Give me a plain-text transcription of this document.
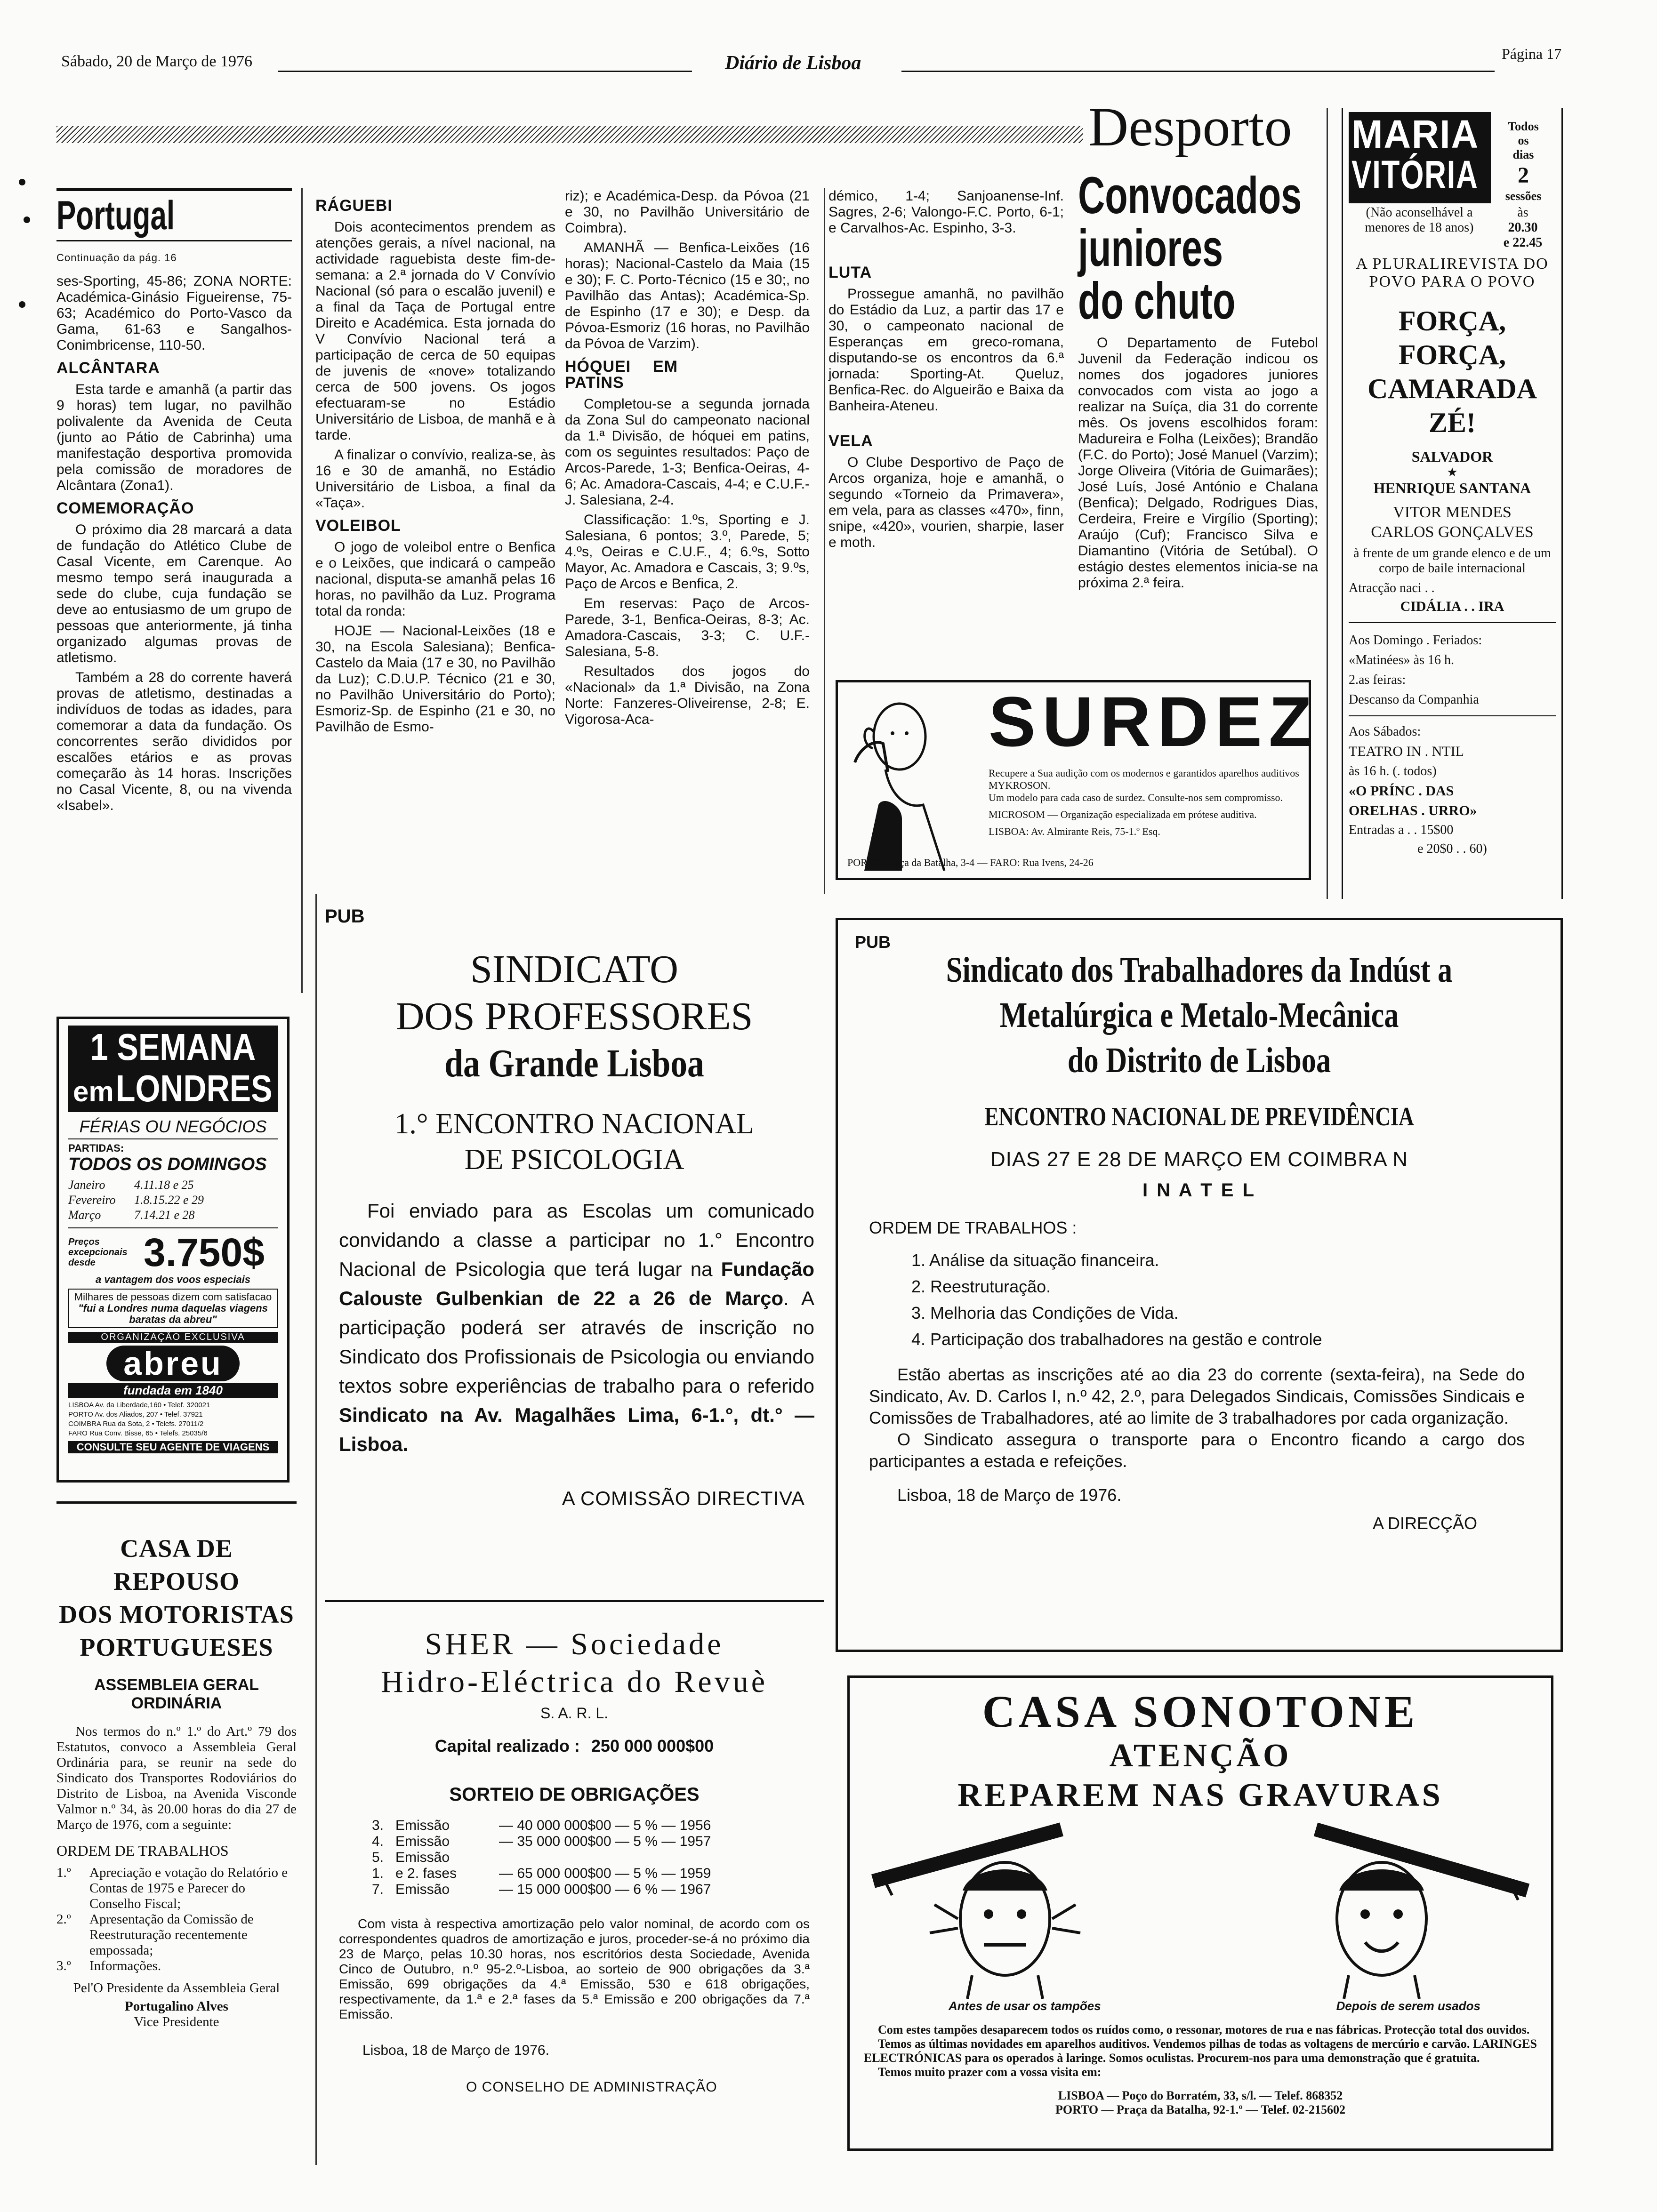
Sábado, 20 de Março de 1976	Diário de Lisboa	Página 17
Desporto
Portugal
Continuação da pág. 16

ses-Sporting, 45-86; ZONA NORTE: Académica-Ginásio Figueirense, 75-63; Académico do Porto-Vasco da Gama, 61-63 e Sangalhos-Conimbricense, 110-50.

ALCÂNTARA

Esta tarde e amanhã (a partir das 9 horas) tem lugar, no pavilhão polivalente da Avenida de Ceuta (junto ao Pátio de Cabrinha) uma manifestação desportiva promovida pela comissão de moradores de Alcântara (Zona1).

COMEMORAÇÃO

O próximo dia 28 marcará a data de fundação do Atlético Clube de Casal Vicente, em Carenque. Ao mesmo tempo será inaugurada a sede do clube, cuja fundação se deve ao entusiasmo de um grupo de pessoas que anteriormente, já tinha organizado algumas provas de atletismo.

Também a 28 do corrente haverá provas de atletismo, destinadas a indivíduos de todas as idades, para comemorar a data da fundação. Os concorrentes serão divididos por escalões etários e as provas começarão às 14 horas. Inscrições no Casal Vicente, 8, ou na vivenda «Isabel».

RÁGUEBI

Dois acontecimentos prendem as atenções gerais, a nível nacional, na actividade raguebista deste fim-de-semana: a 2.ª jornada do V Convívio Nacional (só para o escalão juvenil) e a final da Taça de Portugal entre Direito e Académica. Esta jornada do V Convívio Nacional terá a participação de cerca de 50 equipas de juvenis de «nove» totalizando cerca de 500 jovens. Os jogos efectuaram-se no Estádio Universitário de Lisboa, de manhã e à tarde.

A finalizar o convívio, realiza-se, às 16 e 30 de amanhã, no Estádio Universitário de Lisboa, a final da «Taça».

VOLEIBOL

O jogo de voleibol entre o Benfica e o Leixões, que indicará o campeão nacional, disputa-se amanhã pelas 16 horas, no pavilhão da Luz. Programa total da ronda:

HOJE — Nacional-Leixões (18 e 30, na Escola Salesiana); Benfica-Castelo da Maia (17 e 30, no Pavilhão da Luz); C.D.U.P. Técnico (21 e 30, no Pavilhão Universitário do Porto); Esmoriz-Sp. de Espinho (21 e 30, no Pavilhão de Esmo-

riz); e Académica-Desp. da Póvoa (21 e 30, no Pavilhão Universitário de Coimbra).

AMANHÃ — Benfica-Leixões (16 horas); Nacional-Castelo da Maia (15 e 30); F. C. Porto-Técnico (15 e 30;, no Pavilhão das Antas); Académica-Sp. de Espinho (17 e 30); e Desp. da Póvoa-Esmoriz (16 horas, no Pavilhão da Póvoa de Varzim).

HÓQUEI EM PATINS

Completou-se a segunda jornada da Zona Sul do campeonato nacional da 1.ª Divisão, de hóquei em patins, com os seguintes resultados: Paço de Arcos-Parede, 1-3; Benfica-Oeiras, 4-6; Ac. Amadora-Cascais, 4-4; e C.U.F.-J. Salesiana, 2-4.

Classificação: 1.ºs, Sporting e J. Salesiana, 6 pontos; 3.º, Parede, 5; 4.ºs, Oeiras e C.U.F., 4; 6.ºs, Sotto Mayor, Ac. Amadora e Cascais, 3; 9.ºs, Paço de Arcos e Benfica, 2.

Em reservas: Paço de Arcos-Parede, 3-1, Benfica-Oeiras, 8-3; Ac. Amadora-Cascais, 3-3; C. U.F.-Salesiana, 5-8.

Resultados dos jogos do «Nacional» da 1.ª Divisão, na Zona Norte: Fanzeres-Oliveirense, 2-8; E. Vigorosa-Aca-

démico, 1-4; Sanjoanense-Inf. Sagres, 2-6; Valongo-F.C. Porto, 6-1; e Carvalhos-Ac. Espinho, 3-3.

LUTA

Prossegue amanhã, no pavilhão do Estádio da Luz, a partir das 17 e 30, o campeonato nacional de Esperanças em greco-romana, disputando-se os encontros da 6.ª jornada: Sporting-At. Queluz, Benfica-Rec. do Algueirão e Baixa da Banheira-Ateneu.

VELA

O Clube Desportivo de Paço de Arcos organiza, hoje e amanhã, o segundo «Torneio da Primavera», em vela, para as classes «470», finn, snipe, «420», vourien, sharpie, laser e moth.

Convocados
juniores
do chuto

O Departamento de Futebol Juvenil da Federação indicou os nomes dos jogadores juniores convocados com vista ao jogo a realizar na Suíça, dia 31 do corrente mês. Os jovens escolhidos foram: Madureira e Folha (Leixões); Brandão (F.C. do Porto); José Manuel (Varzim); Jorge Oliveira (Vitória de Guimarães); José Luís, José António e Chalana (Benfica); Delgado, Rodrigues Dias, Cerdeira, Freire e Virgílio (Sporting); Araújo (Cuf); Francisco Silva e Diamantino (Vitória de Setúbal). O estágio destes elementos inicia-se na próxima 2.ª feira.

MARIA
VITÓRIA
Todos
os
dias
2
sessões
(Não aconselhável a menores de 18 anos)
às
20.30
e 22.45
A PLURALIREVISTA DO POVO PARA O POVO
FORÇA, FORÇA,
CAMARADA ZÉ!
SALVADOR
★
HENRIQUE SANTANA
VITOR MENDES
CARLOS GONÇALVES
à frente de um grande elenco e de um corpo de baile internacional
Atracção naci . .
CIDÁLIA . . IRA
Aos Domingo . Feriados:
«Matinées» às 16 h.
2.as feiras:
Descanso da Companhia
Aos Sábados:
TEATRO IN . NTIL
às 16 h. (. todos)
«O PRÍNC . DAS
ORELHAS . URRO»
Entradas a . . 15$00
e 20$0 . . 60)
SURDEZ
Recupere a Sua audição com os modernos e garantidos aparelhos auditivos MYKROSON.
Um modelo para cada caso de surdez. Consulte-nos sem compromisso.
MICROSOM — Organização especializada em prótese auditiva.
LISBOA: Av. Almirante Reis, 75-1.º Esq.
PORTO: Praça da Batalha, 3-4 — FARO: Rua Ivens, 24-26
1 SEMANA
em LONDRES
FÉRIAS OU NEGÓCIOS
PARTIDAS:
TODOS OS DOMINGOS
Janeiro	4.11.18 e 25
Fevereiro	1.8.15.22 e 29
Março	7.14.21 e 28
Preços excepcionais desde	3.750$
a vantagem dos voos especiais
Milhares de pessoas dizem com satisfacao
"fui a Londres numa daquelas viagens baratas da abreu"
ORGANIZAÇÃO EXCLUSIVA
abreu
fundada em 1840
LISBOA Av. da Liberdade,160 • Telef. 320021
PORTO Av. dos Aliados, 207 • Telef. 37921
COIMBRA Rua da Sota, 2 • Telefs. 27011/2
FARO Rua Conv. Bisse, 65 • Telefs. 25035/6
CONSULTE SEU AGENTE DE VIAGENS
CASA DE REPOUSO
DOS MOTORISTAS
PORTUGUESES
ASSEMBLEIA GERAL
ORDINÁRIA
Nos termos do n.º 1.º do Art.º 79 dos Estatutos, convoco a Assembleia Geral Ordinária para, se reunir na sede do Sindicato dos Transportes Rodoviários do Distrito de Lisboa, na Avenida Visconde Valmor n.º 34, às 20.00 horas do dia 27 de Março de 1976, com a seguinte:
ORDEM DE TRABALHOS
1.º	Apreciação e votação do Relatório e Contas de 1975 e Parecer do Conselho Fiscal;
2.º	Apresentação da Comissão de Reestruturação recentemente empossada;
3.º	Informações.
Pel'O Presidente da Assembleia Geral
Portugalino Alves
Vice Presidente
PUB
SINDICATO
DOS PROFESSORES
da Grande Lisboa
1.° ENCONTRO NACIONAL
DE PSICOLOGIA
Foi enviado para as Escolas um comunicado convidando a classe a participar no 1.° Encontro Nacional de Psicologia que terá lugar na Fundação Calouste Gulbenkian de 22 a 26 de Março. A participação poderá ser através de inscrição no Sindicato dos Profissionais de Psicologia ou enviando textos sobre experiências de trabalho para o referido Sindicato na Av. Magalhães Lima, 6-1.°, dt.° — Lisboa.
A COMISSÃO DIRECTIVA
SHER — Sociedade
Hidro-Eléctrica do Revuè
S. A. R. L.
Capital realizado : 250 000 000$00
SORTEIO DE OBRIGAÇÕES
3. Emissão	— 40 000 000$00 — 5 % — 1956
4. Emissão	— 35 000 000$00 — 5 % — 1957
5. Emissão
1. e 2. fases	— 65 000 000$00 — 5 % — 1959
7. Emissão	— 15 000 000$00 — 6 % — 1967
Com vista à respectiva amortização pelo valor nominal, de acordo com os correspondentes quadros de amortização e juros, proceder-se-á no próximo dia 23 de Março, pelas 10.30 horas, nos escritórios desta Sociedade, Avenida Cinco de Outubro, n.º 95-2.º-Lisboa, ao sorteio de 900 obrigações da 3.ª Emissão, 699 obrigações da 4.ª Emissão, 530 e 618 obrigações, respectivamente, da 1.ª e 2.ª fases da 5.ª Emissão e 200 obrigações da 7.ª Emissão.
Lisboa, 18 de Março de 1976.
O CONSELHO DE ADMINISTRAÇÃO
PUB
Sindicato dos Trabalhadores da Indúst a
Metalúrgica e Metalo-Mecânica
do Distrito de Lisboa
ENCONTRO NACIONAL DE PREVIDÊNCIA
DIAS 27 E 28 DE MARÇO EM COIMBRA N
I N A T E L
ORDEM DE TRABALHOS :
1. Análise da situação financeira.
2. Reestruturação.
3. Melhoria das Condições de Vida.
4. Participação dos trabalhadores na gestão e controle
Estão abertas as inscrições até ao dia 23 do corrente (sexta-feira), na Sede do Sindicato, Av. D. Carlos I, n.º 42, 2.º, para Delegados Sindicais, Comissões Sindicais e Comissões de Trabalhadores, até ao limite de 3 trabalhadores por cada organização.
O Sindicato assegura o transporte para o Encontro ficando a cargo dos participantes a estada e refeições.
Lisboa, 18 de Março de 1976.
A DIRECÇÃO
CASA SONOTONE
ATENÇÃO
REPAREM NAS GRAVURAS
Antes de usar os tampões	Depois de serem usados
Com estes tampões desaparecem todos os ruídos como, o ressonar, motores de rua e nas fábricas. Protecção total dos ouvidos.
Temos as últimas novidades em aparelhos auditivos. Vendemos pilhas de todas as voltagens de mercúrio e carvão. LARINGES ELECTRÓNICAS para os operados à laringe. Somos oculistas. Procurem-nos para uma demonstração que é gratuita.
Temos muito prazer com a vossa visita em:
LISBOA — Poço do Borratém, 33, s/l. — Telef. 868352
PORTO — Praça da Batalha, 92-1.º — Telef. 02-215602
